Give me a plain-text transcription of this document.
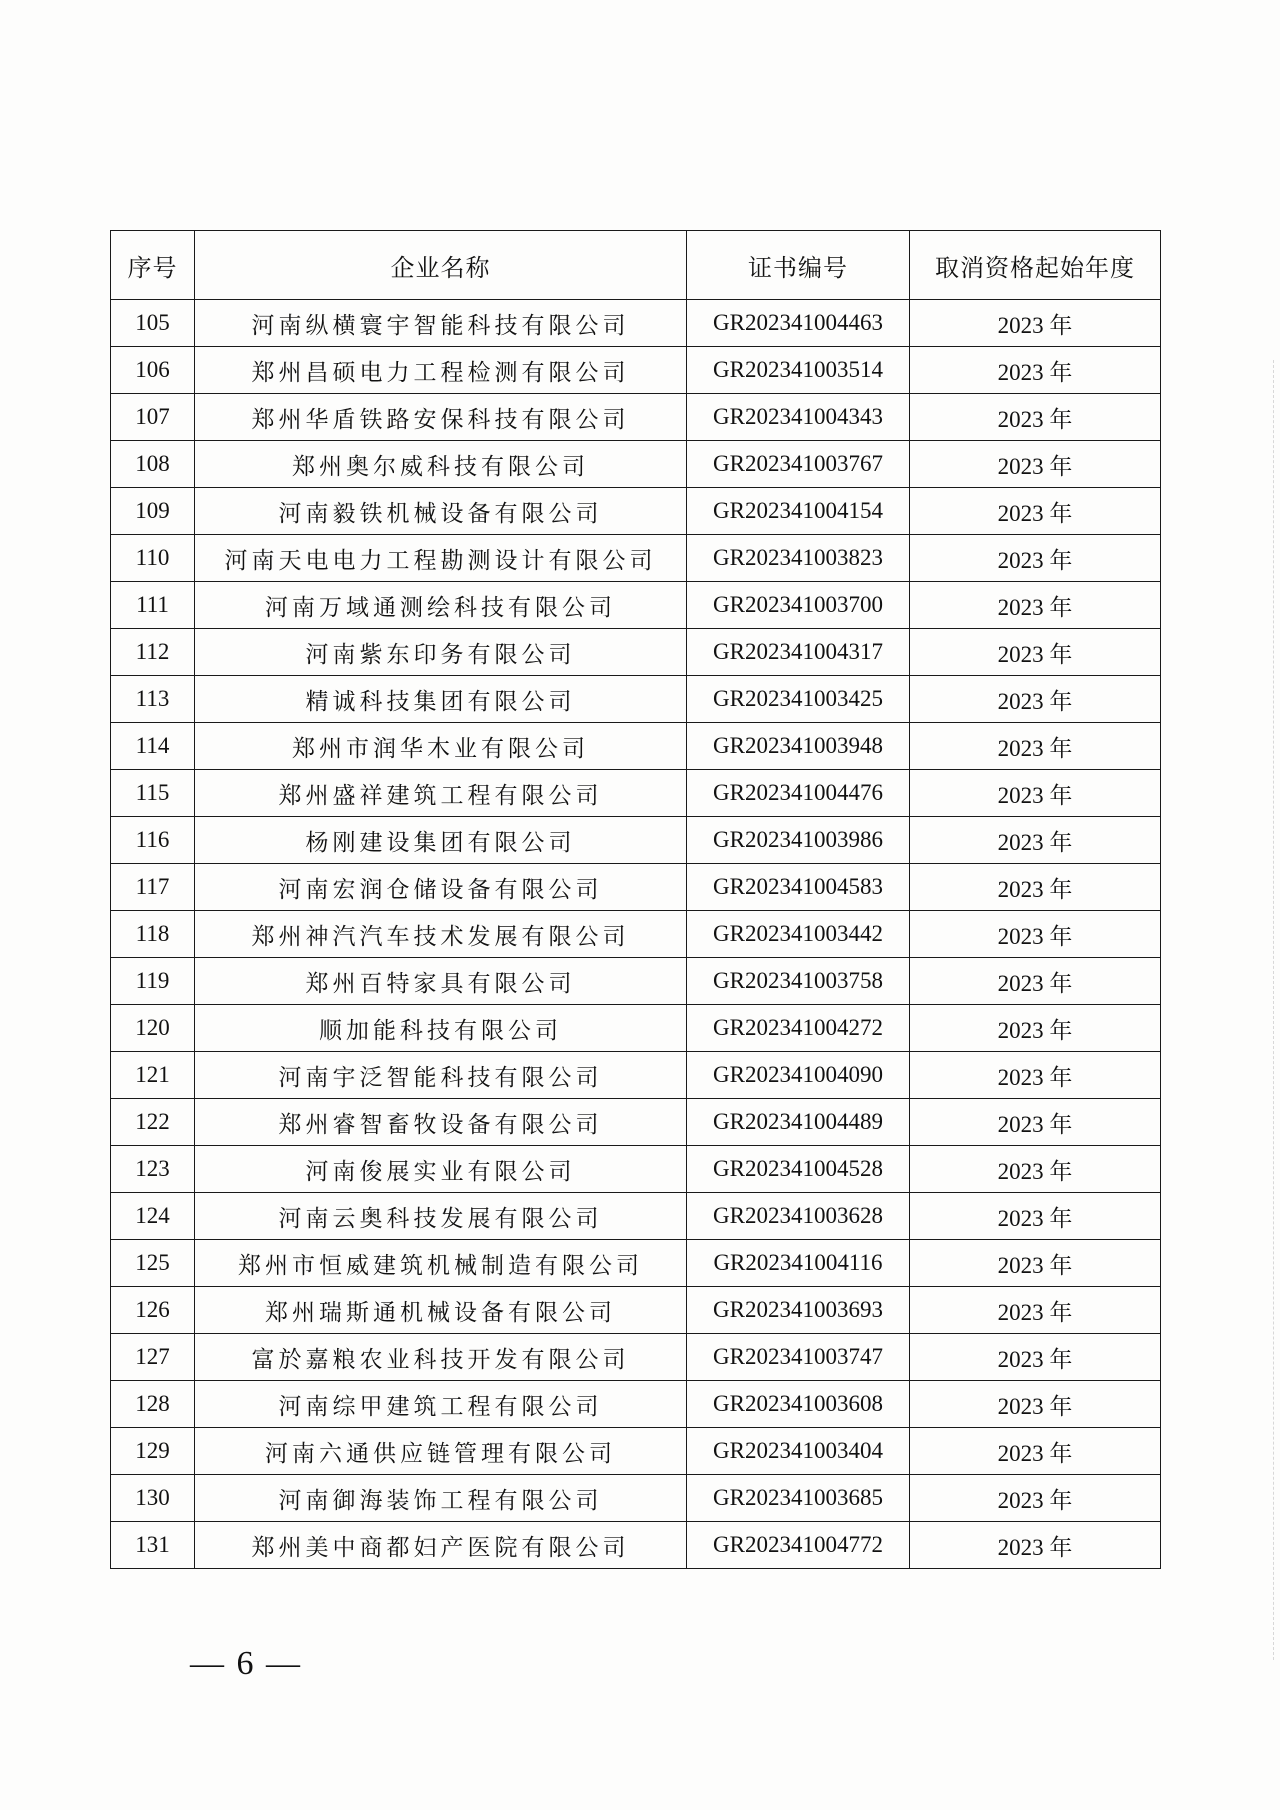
序号	企业名称	证书编号	取消资格起始年度
105	河南纵横寰宇智能科技有限公司	GR202341004463	2023 年
106	郑州昌硕电力工程检测有限公司	GR202341003514	2023 年
107	郑州华盾铁路安保科技有限公司	GR202341004343	2023 年
108	郑州奥尔威科技有限公司	GR202341003767	2023 年
109	河南毅铁机械设备有限公司	GR202341004154	2023 年
110	河南天电电力工程勘测设计有限公司	GR202341003823	2023 年
111	河南万域通测绘科技有限公司	GR202341003700	2023 年
112	河南紫东印务有限公司	GR202341004317	2023 年
113	精诚科技集团有限公司	GR202341003425	2023 年
114	郑州市润华木业有限公司	GR202341003948	2023 年
115	郑州盛祥建筑工程有限公司	GR202341004476	2023 年
116	杨刚建设集团有限公司	GR202341003986	2023 年
117	河南宏润仓储设备有限公司	GR202341004583	2023 年
118	郑州神汽汽车技术发展有限公司	GR202341003442	2023 年
119	郑州百特家具有限公司	GR202341003758	2023 年
120	顺加能科技有限公司	GR202341004272	2023 年
121	河南宇泛智能科技有限公司	GR202341004090	2023 年
122	郑州睿智畜牧设备有限公司	GR202341004489	2023 年
123	河南俊展实业有限公司	GR202341004528	2023 年
124	河南云奥科技发展有限公司	GR202341003628	2023 年
125	郑州市恒威建筑机械制造有限公司	GR202341004116	2023 年
126	郑州瑞斯通机械设备有限公司	GR202341003693	2023 年
127	富於嘉粮农业科技开发有限公司	GR202341003747	2023 年
128	河南综甲建筑工程有限公司	GR202341003608	2023 年
129	河南六通供应链管理有限公司	GR202341003404	2023 年
130	河南御海装饰工程有限公司	GR202341003685	2023 年
131	郑州美中商都妇产医院有限公司	GR202341004772	2023 年
— 6 —
